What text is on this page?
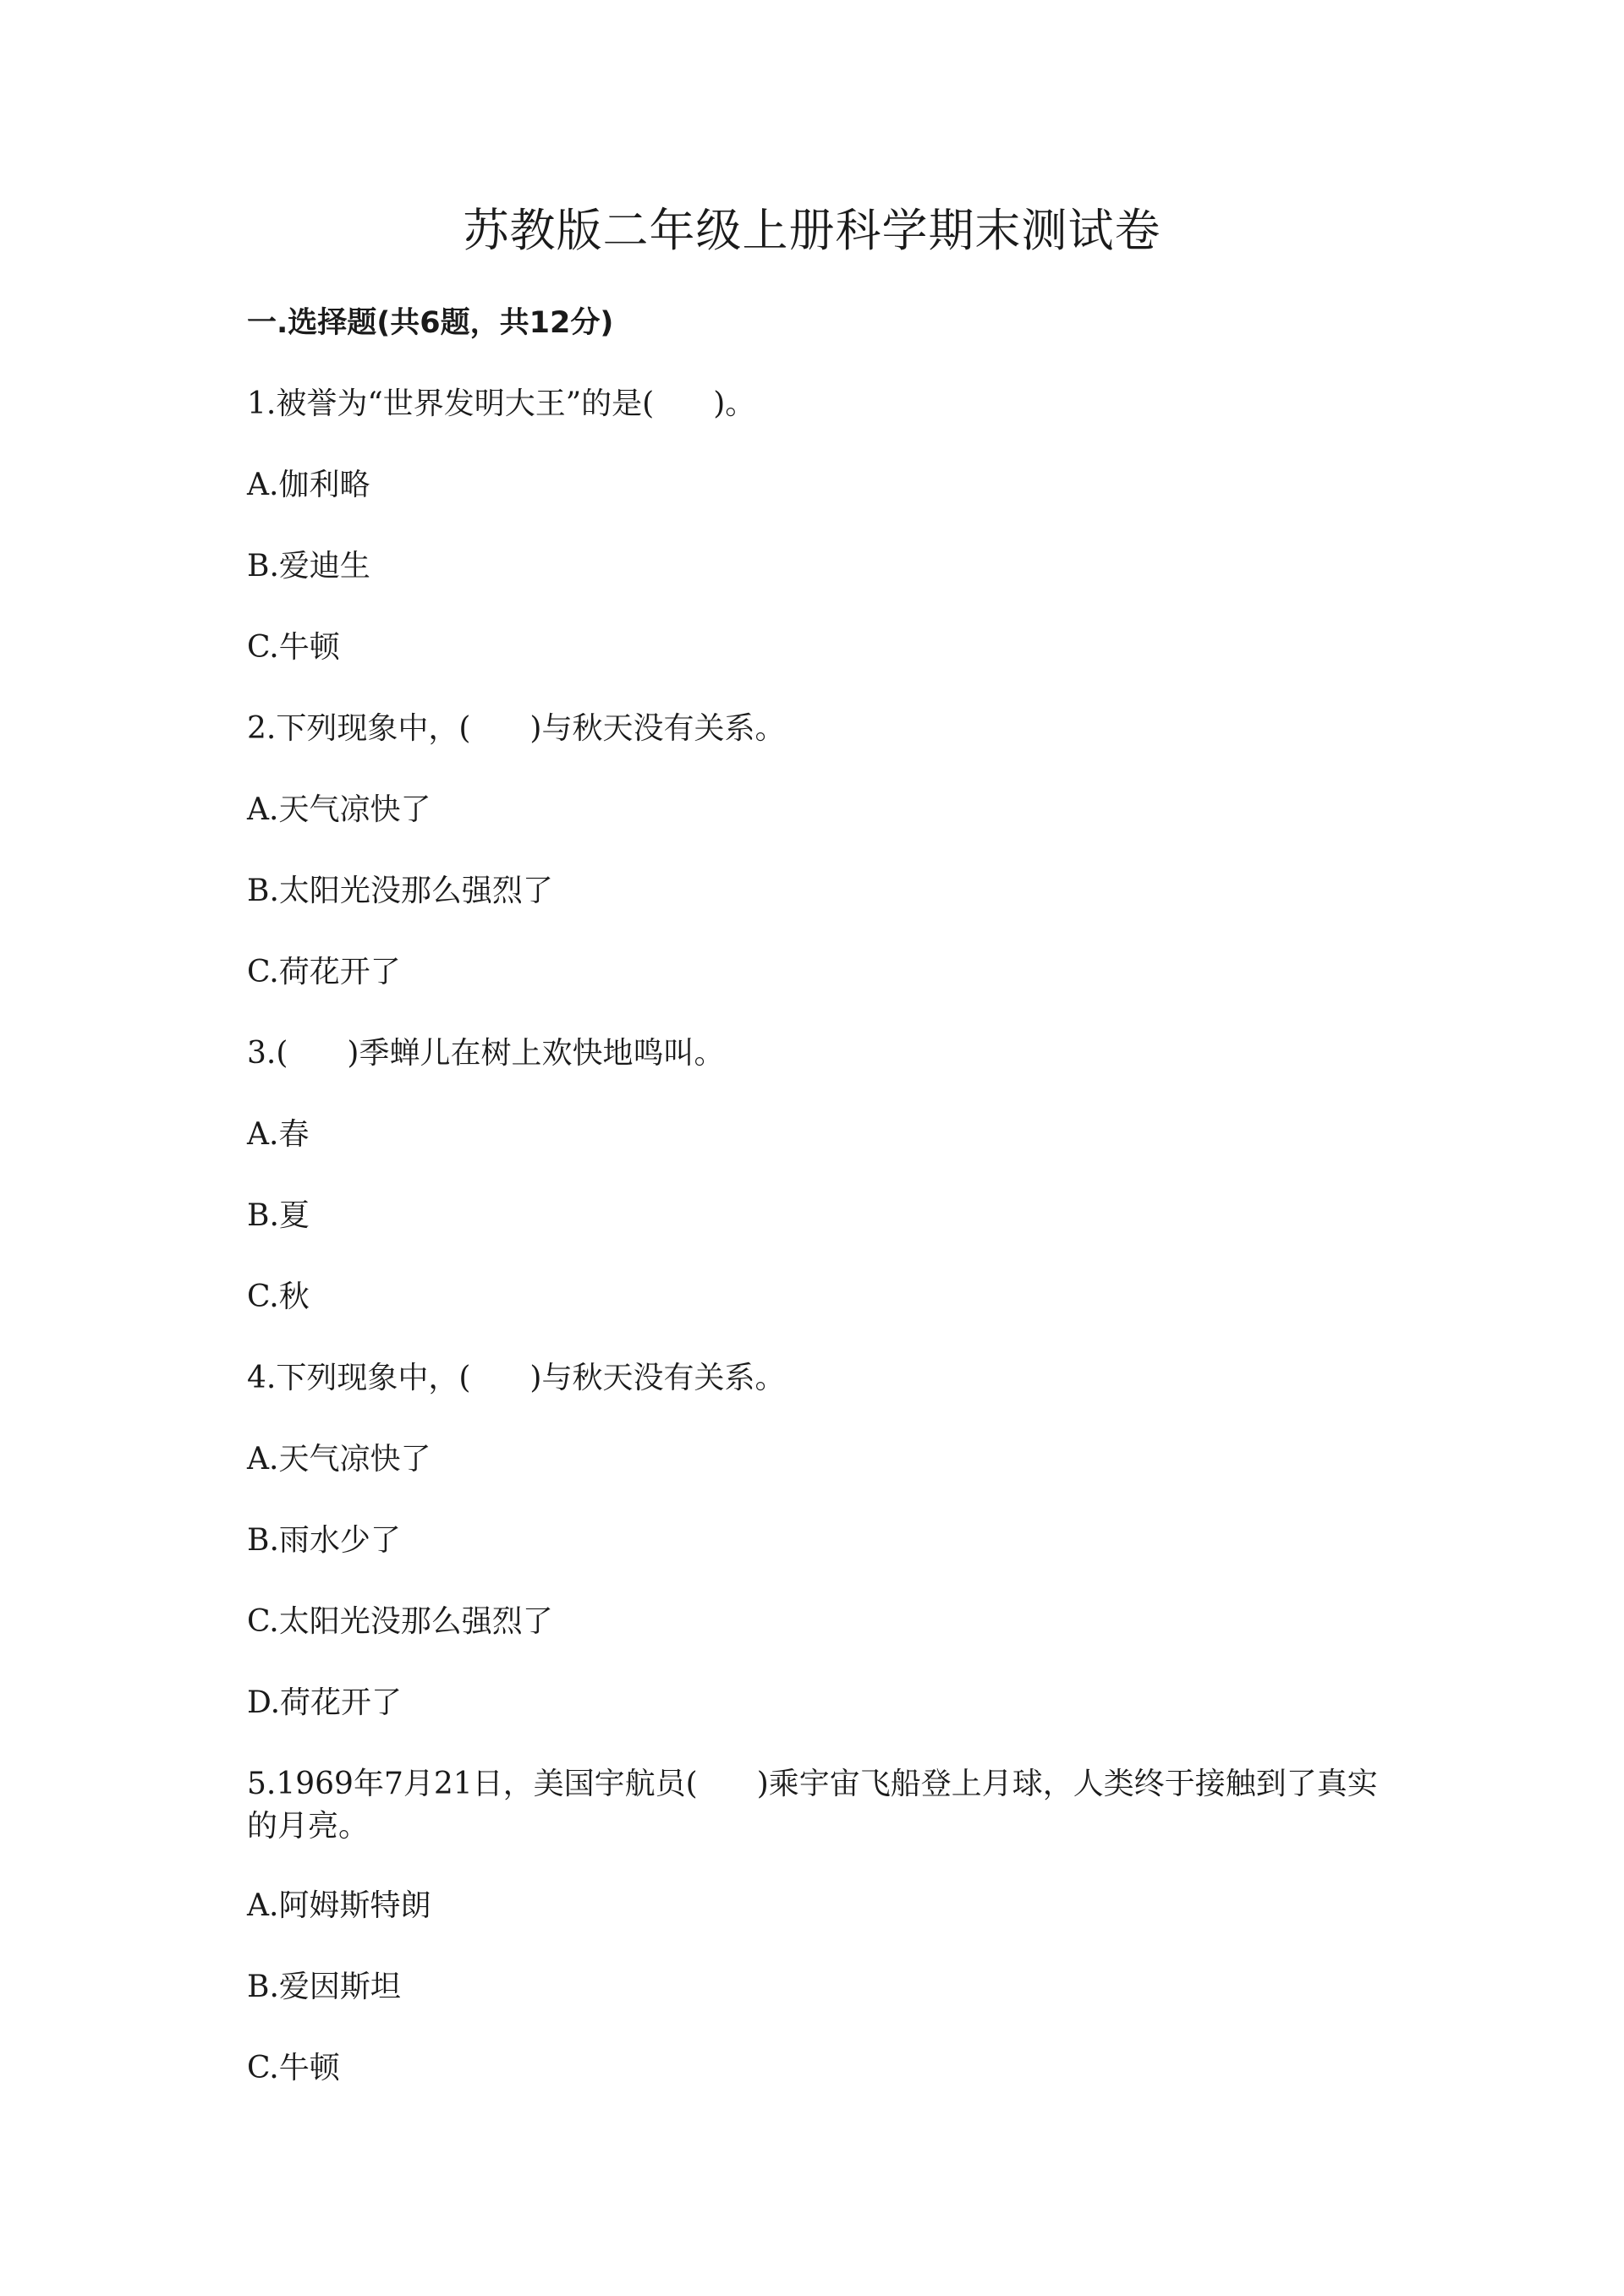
苏教版二年级上册科学期末测试卷
一.选择题(共6题，共12分)
1.被誉为“世界发明大王”的是( )。
A.伽利略
B.爱迪生
C.牛顿
2.下列现象中，( )与秋天没有关系。
A.天气凉快了
B.太阳光没那么强烈了
C.荷花开了
3.( )季蝉儿在树上欢快地鸣叫。
A.春
B.夏
C.秋
4.下列现象中，( )与秋天没有关系。
A.天气凉快了
B.雨水少了
C.太阳光没那么强烈了
D.荷花开了
5.1969年7月21日，美国宇航员( )乘宇宙飞船登上月球，人类终于接触到了真实的月亮。
A.阿姆斯特朗
B.爱因斯坦
C.牛顿
